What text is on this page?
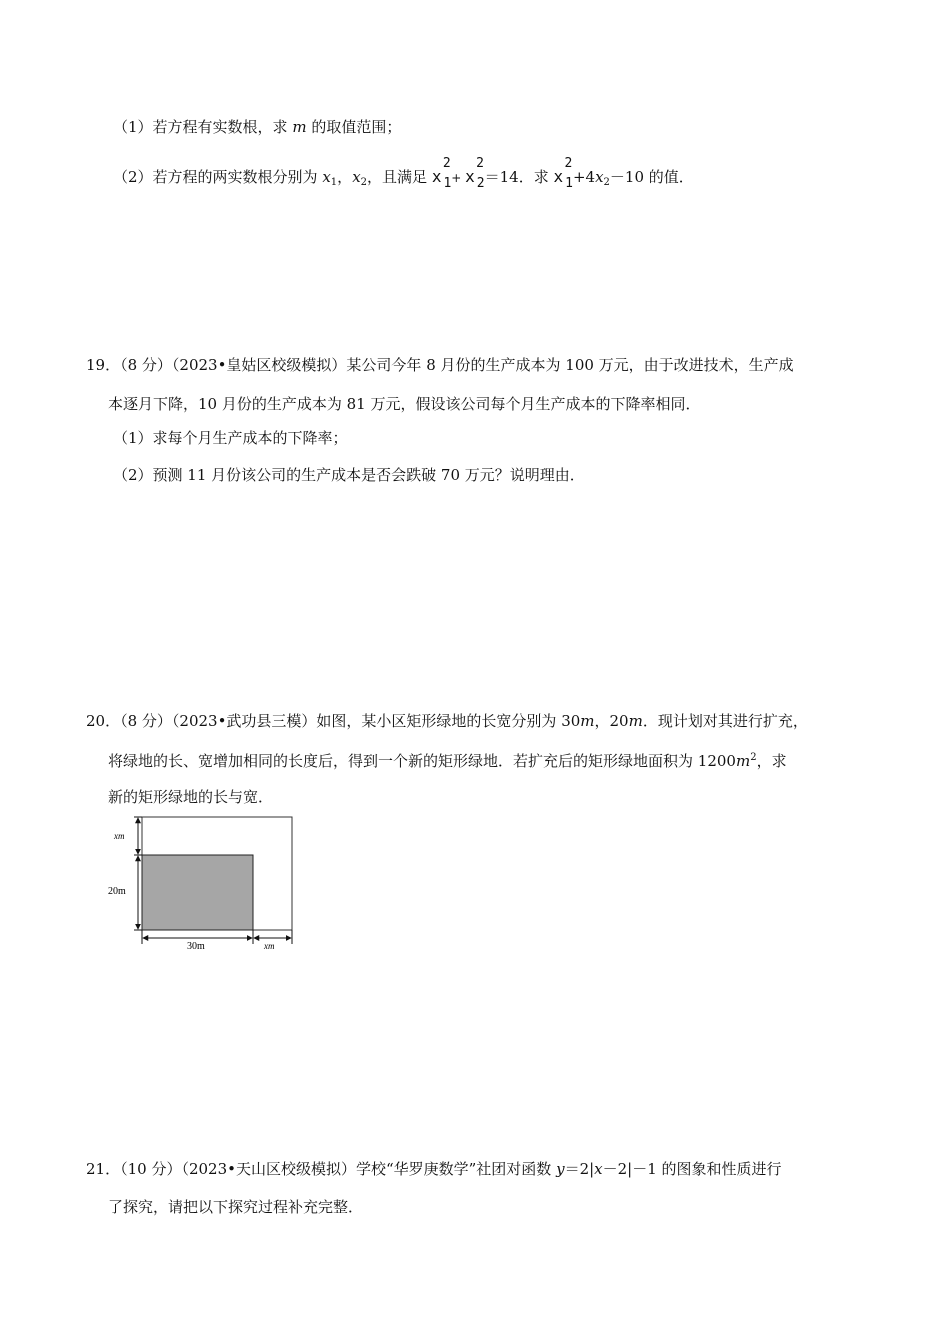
（1）若方程有实数根，求 m 的取值范围；
（2）若方程的两实数根分别为 $x_1$，$x_2$，且满足 x
2
$_1$+ x
2
$_2$＝14．求 x
2
$_1+4x_2-10$ 的值．
19．（8 分）（2023•皇姑区校级模拟）某公司今年 8 月份的生产成本为 100 万元，由于改进技术，生产成
本逐月下降，10 月份的生产成本为 81 万元，假设该公司每个月生产成本的下降率相同．
（1）求每个月生产成本的下降率；
（2）预测 11 月份该公司的生产成本是否会跌破 70 万元？说明理由．
20．（8 分）（2023•武功县三模）如图，某小区矩形绿地的长宽分别为 30m，20m．现计划对其进行扩充，
将绿地的长、宽增加相同的长度后，得到一个新的矩形绿地．若扩充后的矩形绿地面积为 $1200m^2$，求
新的矩形绿地的长与宽．
xm
20m
30m	xm
21．（10 分）（2023•天山区校级模拟）学校“华罗庚数学”社团对函数 y＝2|x－2|－1 的图象和性质进行
了探究，请把以下探究过程补充完整．
